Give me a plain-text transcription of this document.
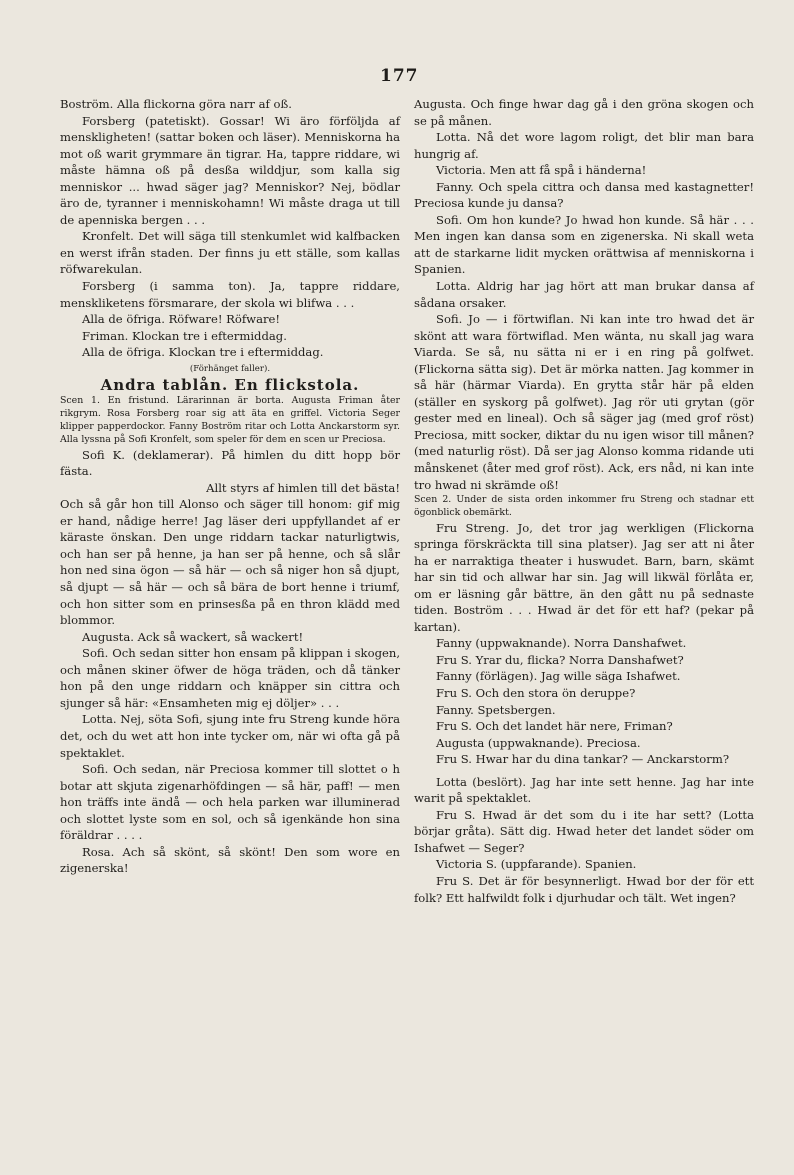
177

Boström. Alla flickorna göra narr af oß.

Forsberg (patetiskt). Gossar! Wi äro förföljda af menskligheten! (sattar boken och läser). Menniskorna ha mot oß warit grymmare än tigrar. Ha, tappre riddare, wi måste hämna oß på desßa wilddjur, som kalla sig menniskor ... hwad säger jag? Menniskor? Nej, bödlar äro de, tyranner i menniskohamn! Wi måste draga ut till de apenniska bergen . . .

Kronfelt. Det will säga till stenkumlet wid kalfbacken en werst ifrån staden. Der finns ju ett ställe, som kallas röfwarekulan.

Forsberg (i samma ton). Ja, tappre riddare, menskliketens försmarare, der skola wi blifwa . . .

Alla de öfriga. Röfware! Röfware!

Friman. Klockan tre i eftermiddag.

Alla de öfriga. Klockan tre i eftermiddag.

(Förhänget faller).

Andra tablån. En flickstola.

Scen 1. En fristund. Lärarinnan är borta. Augusta Friman åter rikgrym. Rosa Forsberg roar sig att äta en griffel. Victoria Seger klipper papperdockor. Fanny Boström ritar och Lotta Anckarstorm syr. Alla lyssna på Sofi Kronfelt, som speler för dem en scen ur Preciosa.

Sofi K. (deklamerar). På himlen du ditt hopp bör fästa.

Allt styrs af himlen till det bästa!

Och så går hon till Alonso och säger till honom: gif mig er hand, nådige herre! Jag läser deri uppfyllandet af er käraste önskan. Den unge riddarn tackar naturligtwis, och han ser på henne, ja han ser på henne, och så slår hon ned sina ögon — så här — och så niger hon så djupt, så djupt — så här — och så bära de bort henne i triumf, och hon sitter som en prinsesßa på en thron klädd med blommor.

Augusta. Ack så wackert, så wackert!

Sofi. Och sedan sitter hon ensam på klippan i skogen, och månen skiner öfwer de höga träden, och då tänker hon på den unge riddarn och knäpper sin cittra och sjunger så här: «Ensamheten mig ej döljer» . . .

Lotta. Nej, söta Sofi, sjung inte fru Streng kunde höra det, och du wet att hon inte tycker om, när wi ofta gå på spektaklet.

Sofi. Och sedan, när Preciosa kommer till slottet o h botar att skjuta zigenarhöfdingen — så här, paff! — men hon träffs inte ändå — och hela parken war illuminerad och slottet lyste som en sol, och så igenkände hon sina föräldrar . . . .

Rosa. Ach så skönt, så skönt! Den som wore en zigenerska!

Augusta. Och finge hwar dag gå i den gröna skogen och se på månen.

Lotta. Nå det wore lagom roligt, det blir man bara hungrig af.

Victoria. Men att få spå i händerna!

Fanny. Och spela cittra och dansa med kastagnetter! Preciosa kunde ju dansa?

Sofi. Om hon kunde? Jo hwad hon kunde. Så här . . . Men ingen kan dansa som en zigenerska. Ni skall weta att de starkarne lidit mycken orättwisa af menniskorna i Spanien.

Lotta. Aldrig har jag hört att man brukar dansa af sådana orsaker.

Sofi. Jo — i förtwiflan. Ni kan inte tro hwad det är skönt att wara förtwiflad. Men wänta, nu skall jag wara Viarda. Se så, nu sätta ni er i en ring på golfwet. (Flickorna sätta sig). Det är mörka natten. Jag kommer in så här (härmar Viarda). En grytta står här på elden (ställer en syskorg på golfwet). Jag rör uti grytan (gör gester med en lineal). Och så säger jag (med grof röst) Preciosa, mitt socker, diktar du nu igen wisor till månen? (med naturlig röst). Då ser jag Alonso komma ridande uti månskenet (åter med grof röst). Ack, ers nåd, ni kan inte tro hwad ni skrämde oß!

Scen 2. Under de sista orden inkommer fru Streng och stadnar ett ögonblick obemärkt.

Fru Streng. Jo, det tror jag werkligen (Flickorna springa förskräckta till sina platser). Jag ser att ni åter ha er narraktiga theater i huswudet. Barn, barn, skämt har sin tid och allwar har sin. Jag will likwäl förlåta er, om er läsning går bättre, än den gått nu på sednaste tiden. Boström . . . Hwad är det för ett haf? (pekar på kartan).

Fanny (uppwaknande). Norra Danshafwet.

Fru S. Yrar du, flicka? Norra Danshafwet?

Fanny (förlägen). Jag wille säga Ishafwet.

Fru S. Och den stora ön deruppe?

Fanny. Spetsbergen.

Fru S. Och det landet här nere, Friman?

Augusta (uppwaknande). Preciosa.

Fru S. Hwar har du dina tankar? — Anckarstorm?

Lotta (beslört). Jag har inte sett henne. Jag har inte warit på spektaklet.

Fru S. Hwad är det som du i ite har sett? (Lotta börjar gråta). Sätt dig. Hwad heter det landet söder om Ishafwet — Seger?

Victoria S. (uppfarande). Spanien.

Fru S. Det är för besynnerligt. Hwad bor der för ett folk? Ett halfwildt folk i djurhudar och tält. Wet ingen?
